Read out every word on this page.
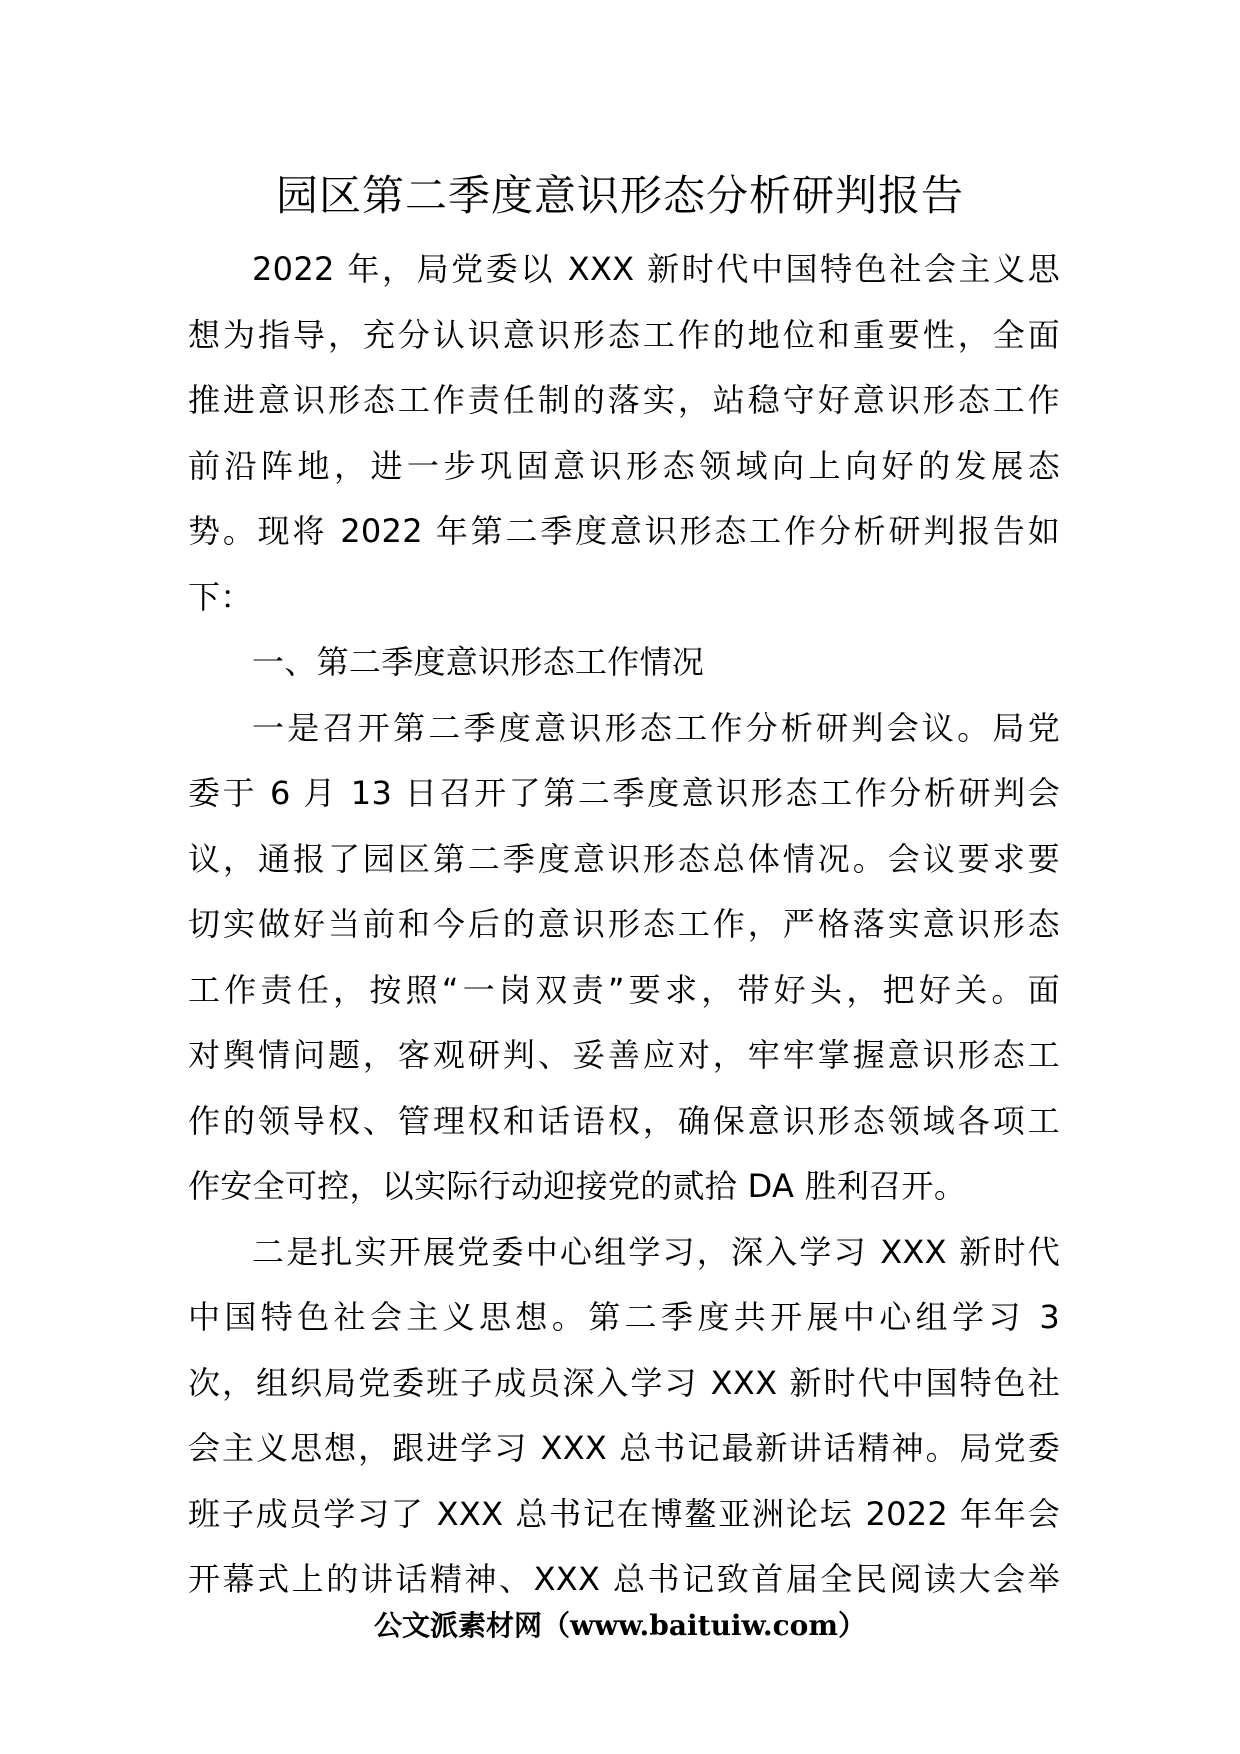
园区第二季度意识形态分析研判报告
2022 年，局党委以 XXX 新时代中国特色社会主义思
想为指导，充分认识意识形态工作的地位和重要性，全面
推进意识形态工作责任制的落实，站稳守好意识形态工作
前沿阵地，进一步巩固意识形态领域向上向好的发展态
势。现将 2022 年第二季度意识形态工作分析研判报告如
下：
一、第二季度意识形态工作情况
一是召开第二季度意识形态工作分析研判会议。局党
委于 6 月 13 日召开了第二季度意识形态工作分析研判会
议，通报了园区第二季度意识形态总体情况。会议要求要
切实做好当前和今后的意识形态工作，严格落实意识形态
工作责任，按照“一岗双责”要求，带好头，把好关。面
对舆情问题，客观研判、妥善应对，牢牢掌握意识形态工
作的领导权、管理权和话语权，确保意识形态领域各项工
作安全可控，以实际行动迎接党的贰拾 DA 胜利召开。
二是扎实开展党委中心组学习，深入学习 XXX 新时代
中国特色社会主义思想。第二季度共开展中心组学习 3
次，组织局党委班子成员深入学习 XXX 新时代中国特色社
会主义思想，跟进学习 XXX 总书记最新讲话精神。局党委
班子成员学习了 XXX 总书记在博鳌亚洲论坛 2022 年年会
开幕式上的讲话精神、XXX 总书记致首届全民阅读大会举
公文派素材网（www.baituiw.com）
